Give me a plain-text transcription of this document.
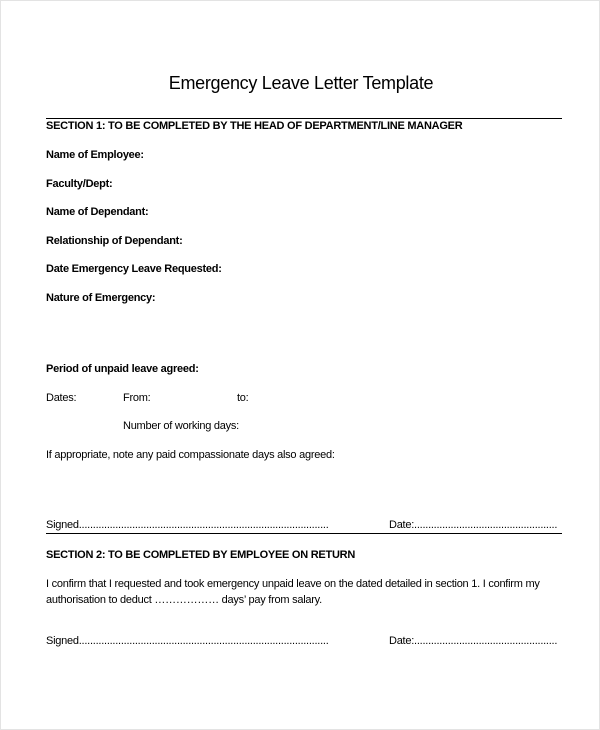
Emergency Leave Letter Template
SECTION 1: TO BE COMPLETED BY THE HEAD OF DEPARTMENT/LINE MANAGER
Name of Employee:
Faculty/Dept:
Name of Dependant:
Relationship of Dependant:
Date Emergency Leave Requested:
Nature of Emergency:
Period of unpaid leave agreed:
Dates:	From:	to:
Number of working days:
If appropriate, note any paid compassionate days also agreed:
Signed.........................................................................................	Date:...................................................
SECTION 2: TO BE COMPLETED BY EMPLOYEE ON RETURN
I confirm that I requested and took emergency unpaid leave on the dated detailed in section 1. I confirm my
authorisation to deduct ……………… days’ pay from salary.
Signed.........................................................................................	Date:...................................................
